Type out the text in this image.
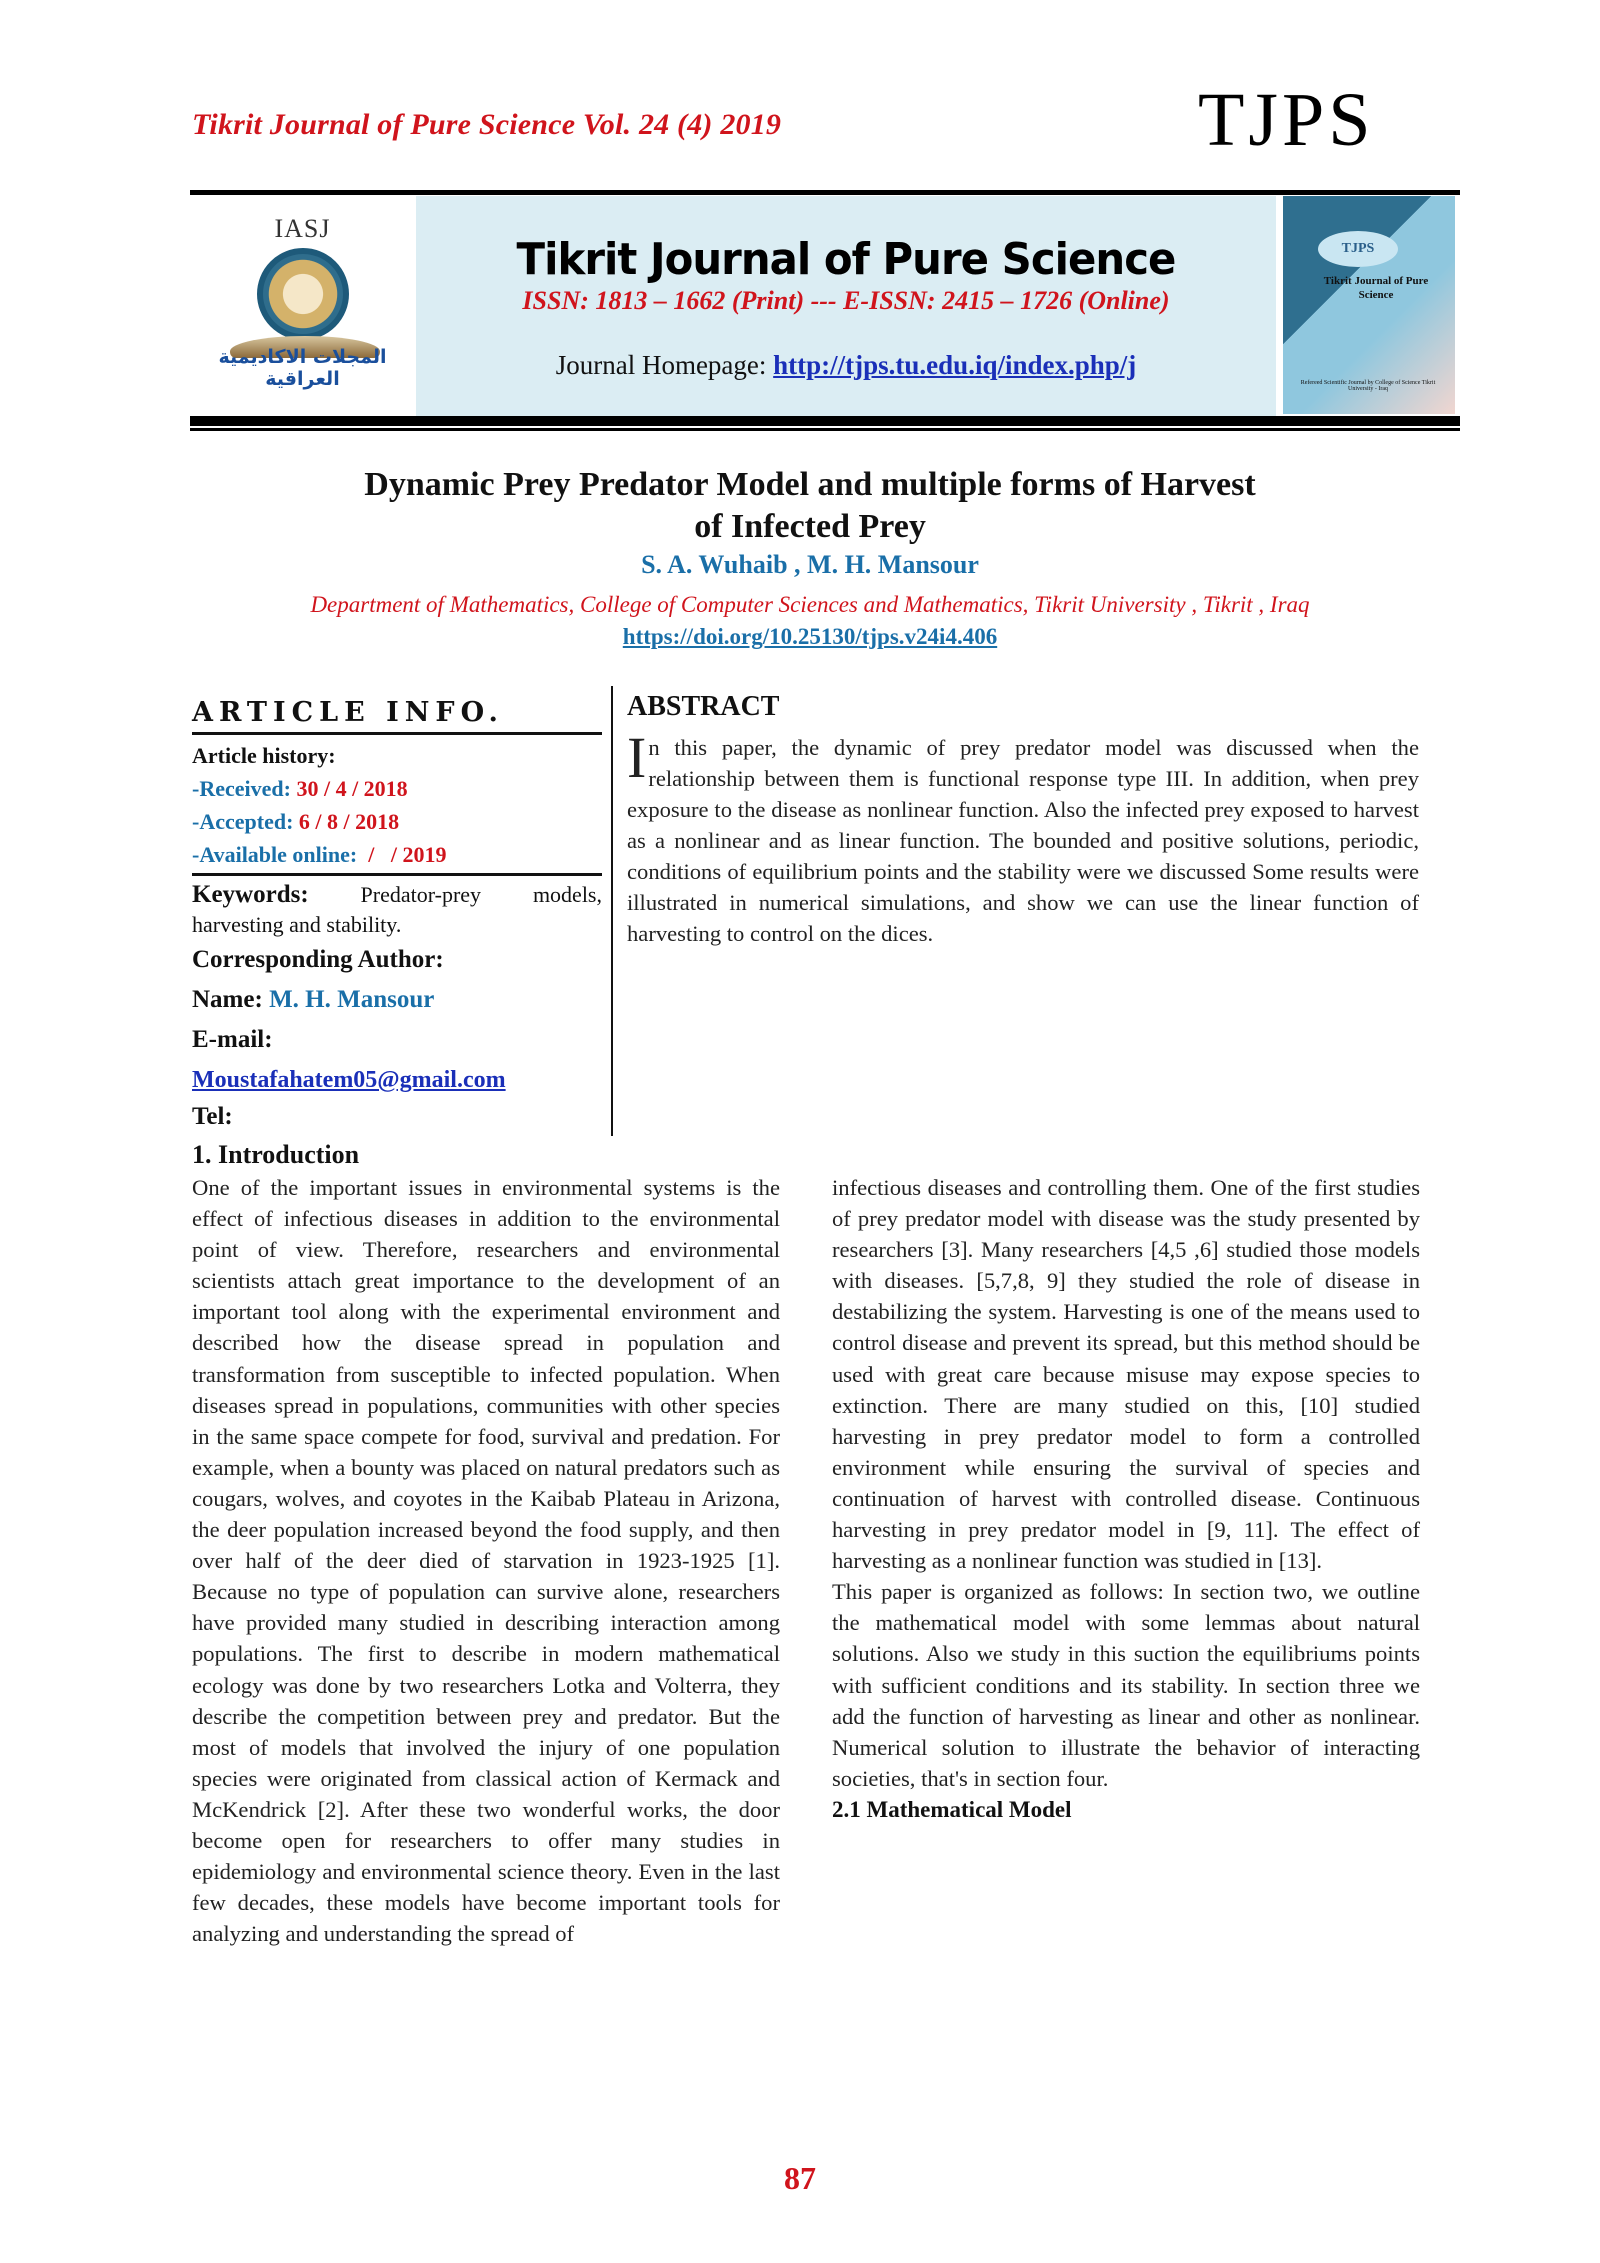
Tikrit Journal of Pure Science Vol. 24 (4) 2019	TJPS
IASJ
المجلات الاكاديمية العراقية
Tikrit Journal of Pure Science
ISSN: 1813 – 1662 (Print) --- E-ISSN: 2415 – 1726 (Online)
Journal Homepage: http://tjps.tu.edu.iq/index.php/j
TJPS
Tikrit Journal of Pure Science
Refereed Scientific Journal by College of Science Tikrit University - Iraq
Dynamic Prey Predator Model and multiple forms of Harvest
of Infected Prey
S. A. Wuhaib , M. H. Mansour
Department of Mathematics, College of Computer Sciences and Mathematics, Tikrit University , Tikrit , Iraq
https://doi.org/10.25130/tjps.v24i4.406
ARTICLE INFO.
Article history:
-Received: 30 / 4 / 2018
-Accepted: 6 / 8 / 2018
-Available online:  /   / 2019
Keywords: Predator-prey models, harvesting and stability.
Corresponding Author:
Name: M. H. Mansour
E-mail:
Moustafahatem05@gmail.com
Tel:
ABSTRACT
In this paper, the dynamic of prey predator model was discussed when the relationship between them is functional response type III. In addition, when prey exposure to the disease as nonlinear function. Also the infected prey exposed to harvest as a nonlinear and as linear function. The bounded and positive solutions, periodic, conditions of equilibrium points and the stability were we discussed Some results were illustrated in numerical simulations, and show we can use the linear function of harvesting to control on the dices.
1. Introduction
One of the important issues in environmental systems is the effect of infectious diseases in addition to the environmental point of view. Therefore, researchers and environmental scientists attach great importance to the development of an important tool along with the experimental environment and described how the disease spread in population and transformation from susceptible to infected population. When diseases spread in populations, communities with other species in the same space compete for food, survival and predation. For example, when a bounty was placed on natural predators such as cougars, wolves, and coyotes in the Kaibab Plateau in Arizona, the deer population increased beyond the food supply, and then over half of the deer died of starvation in 1923-1925 [1]. Because no type of population can survive alone, researchers have provided many studied in describing interaction among populations. The first to describe in modern mathematical ecology was done by two researchers Lotka and Volterra, they describe the competition between prey and predator. But the most of models that involved the injury of one population species were originated from classical action of Kermack and McKendrick [2]. After these two wonderful works, the door become open for researchers to offer many studies in epidemiology and environmental science theory. Even in the last few decades, these models have become important tools for analyzing and understanding the spread of
infectious diseases and controlling them. One of the first studies of prey predator model with disease was the study presented by researchers [3]. Many researchers [4,5 ,6] studied those models with diseases. [5,7,8, 9] they studied the role of disease in destabilizing the system. Harvesting is one of the means used to control disease and prevent its spread, but this method should be used with great care because misuse may expose species to extinction. There are many studied on this, [10] studied harvesting in prey predator model to form a controlled environment while ensuring the survival of species and continuation of harvest with controlled disease. Continuous harvesting in prey predator model in [9, 11]. The effect of harvesting as a nonlinear function was studied in [13].
This paper is organized as follows: In section two, we outline the mathematical model with some lemmas about natural solutions. Also we study in this suction the equilibriums points with sufficient conditions and its stability. In section three we add the function of harvesting as linear and other as nonlinear. Numerical solution to illustrate the behavior of interacting societies, that's in section four.
2.1 Mathematical Model
87
